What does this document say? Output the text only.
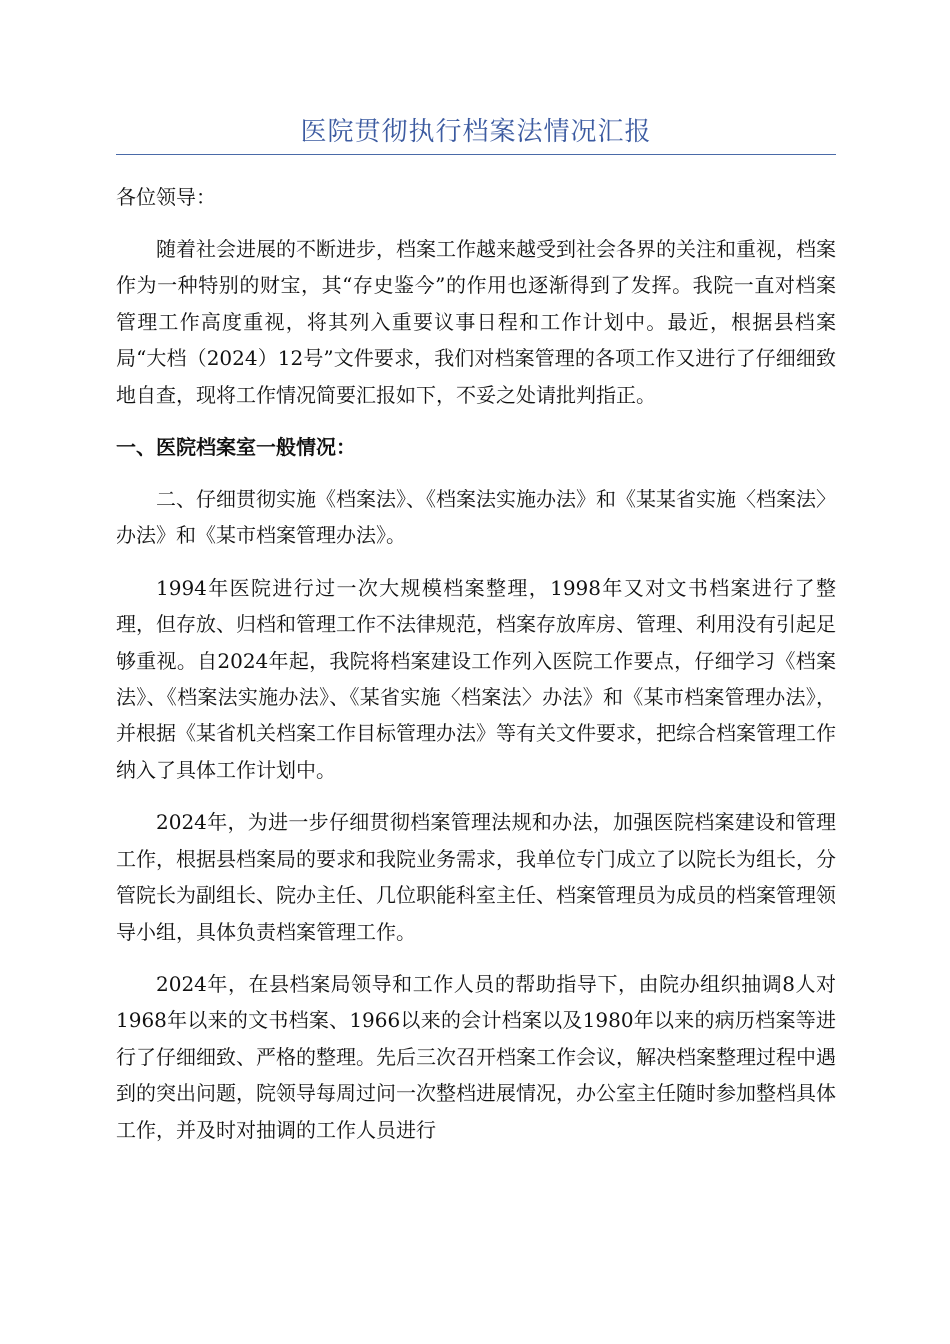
医院贯彻执行档案法情况汇报

各位领导：

随着社会进展的不断进步，档案工作越来越受到社会各界的关注和重视，档案作为一种特别的财宝，其“存史鉴今”的作用也逐渐得到了发挥。我院一直对档案管理工作高度重视，将其列入重要议事日程和工作计划中。最近，根据县档案局“大档（2024）12号”文件要求，我们对档案管理的各项工作又进行了仔细细致地自查，现将工作情况简要汇报如下，不妥之处请批判指正。

一、医院档案室一般情况：

二、仔细贯彻实施《档案法》、《档案法实施办法》和《某某省实施〈档案法〉办法》和《某市档案管理办法》。

1994年医院进行过一次大规模档案整理，1998年又对文书档案进行了整理，但存放、归档和管理工作不法律规范，档案存放库房、管理、利用没有引起足够重视。自2024年起，我院将档案建设工作列入医院工作要点，仔细学习《档案法》、《档案法实施办法》、《某省实施〈档案法〉办法》和《某市档案管理办法》，并根据《某省机关档案工作目标管理办法》等有关文件要求，把综合档案管理工作纳入了具体工作计划中。

2024年，为进一步仔细贯彻档案管理法规和办法，加强医院档案建设和管理工作，根据县档案局的要求和我院业务需求，我单位专门成立了以院长为组长，分管院长为副组长、院办主任、几位职能科室主任、档案管理员为成员的档案管理领导小组，具体负责档案管理工作。

2024年，在县档案局领导和工作人员的帮助指导下，由院办组织抽调8人对1968年以来的文书档案、1966以来的会计档案以及1980年以来的病历档案等进行了仔细细致、严格的整理。先后三次召开档案工作会议，解决档案整理过程中遇到的突出问题，院领导每周过问一次整档进展情况，办公室主任随时参加整档具体工作，并及时对抽调的工作人员进行
